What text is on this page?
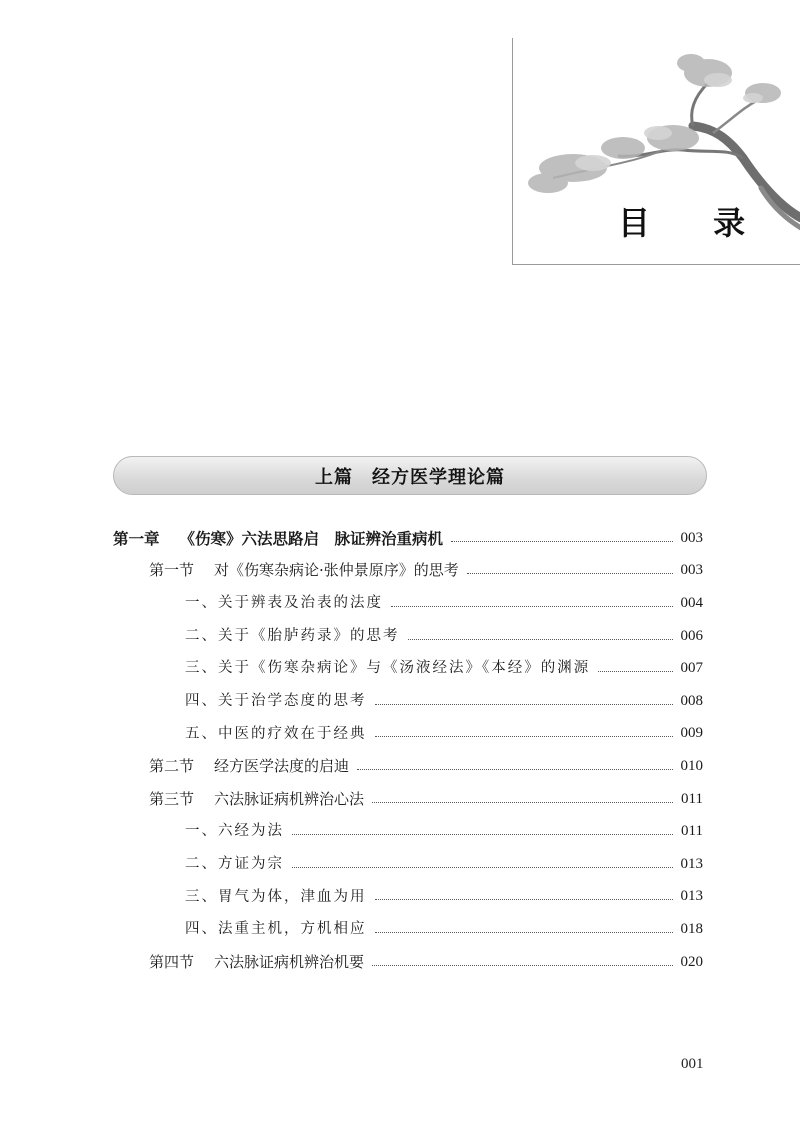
目 录
上篇　经方医学理论篇
第一章 《伤寒》六法思路启　脉证辨治重病机	003
第一节 对《伤寒杂病论·张仲景原序》的思考	003
一、关于辨表及治表的法度	004
二、关于《胎胪药录》的思考	006
三、关于《伤寒杂病论》与《汤液经法》《本经》的渊源	007
四、关于治学态度的思考	008
五、中医的疗效在于经典	009
第二节 经方医学法度的启迪	010
第三节 六法脉证病机辨治心法	011
一、六经为法	011
二、方证为宗	013
三、胃气为体，津血为用	013
四、法重主机，方机相应	018
第四节 六法脉证病机辨治机要	020
001
